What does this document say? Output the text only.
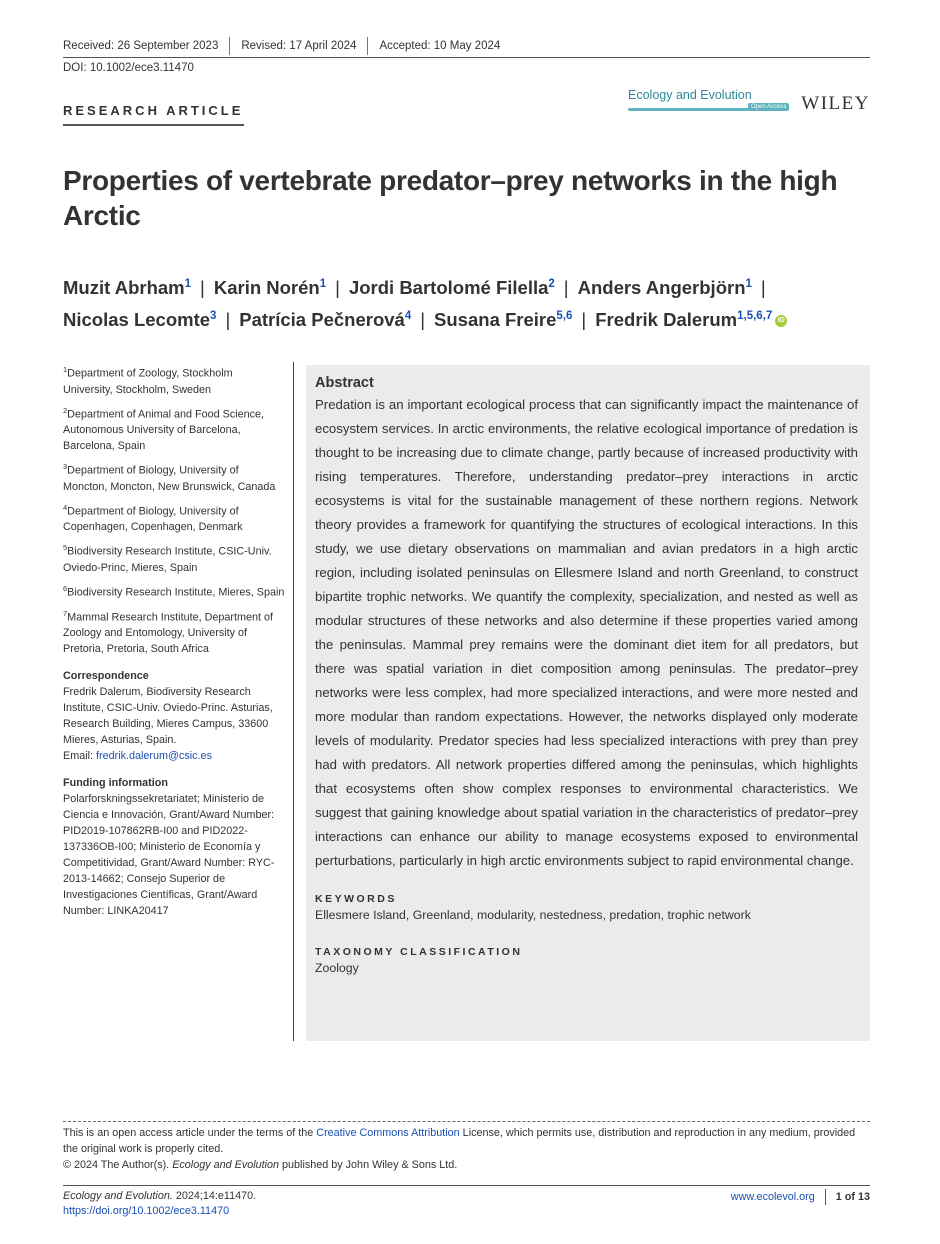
Received: 26 September 2023 Revised: 17 April 2024 Accepted: 10 May 2024
DOI: 10.1002/ece3.11470
RESEARCH ARTICLE
Ecology and Evolution
Open Access WILEY
Properties of vertebrate predator–prey networks in the high Arctic
Muzit Abrham$^1$ | Karin Norén$^1$ | Jordi Bartolomé Filella$^2$ | Anders Angerbjörn$^1$ |
Nicolas Lecomte$^3$ | Patrícia Pečnerová$^4$ | Susana Freire$^{5,6}$ | Fredrik Dalerum$^{1,5,6,7}$ iD
$^1$Department of Zoology, Stockholm University, Stockholm, Sweden
$^2$Department of Animal and Food Science, Autonomous University of Barcelona, Barcelona, Spain
$^3$Department of Biology, University of Moncton, Moncton, New Brunswick, Canada
$^4$Department of Biology, University of Copenhagen, Copenhagen, Denmark
$^5$Biodiversity Research Institute, CSIC-Univ. Oviedo-Princ, Mieres, Spain
$^6$Biodiversity Research Institute, Mieres, Spain
$^7$Mammal Research Institute, Department of Zoology and Entomology, University of Pretoria, Pretoria, South Africa
Correspondence
Fredrik Dalerum, Biodiversity Research Institute, CSIC-Univ. Oviedo-Princ. Asturias, Research Building, Mieres Campus, 33600 Mieres, Asturias, Spain.
Email: fredrik.dalerum@csic.es
Funding information
Polarforskningssekretariatet; Ministerio de Ciencia e Innovación, Grant/Award Number: PID2019-107862RB-I00 and PID2022-137336OB-I00; Ministerio de Economía y Competitividad, Grant/Award Number: RYC-2013-14662; Consejo Superior de Investigaciones Científicas, Grant/Award Number: LINKA20417
Abstract
Predation is an important ecological process that can significantly impact the maintenance of ecosystem services. In arctic environments, the relative ecological importance of predation is thought to be increasing due to climate change, partly because of increased productivity with rising temperatures. Therefore, understanding predator–prey interactions in arctic ecosystems is vital for the sustainable management of these northern regions. Network theory provides a framework for quantifying the structures of ecological interactions. In this study, we use dietary observations on mammalian and avian predators in a high arctic region, including isolated peninsulas on Ellesmere Island and north Greenland, to construct bipartite trophic networks. We quantify the complexity, specialization, and nested as well as modular structures of these networks and also determine if these properties varied among the peninsulas. Mammal prey remains were the dominant diet item for all predators, but there was spatial variation in diet composition among peninsulas. The predator–prey networks were less complex, had more specialized interactions, and were more nested and more modular than random expectations. However, the networks displayed only moderate levels of modularity. Predator species had less specialized interactions with prey than prey had with predators. All network properties differed among the peninsulas, which highlights that ecosystems often show complex responses to environmental characteristics. We suggest that gaining knowledge about spatial variation in the characteristics of predator–prey interactions can enhance our ability to manage ecosystems exposed to environmental perturbations, particularly in high arctic environments subject to rapid environmental change.
KEYWORDS
Ellesmere Island, Greenland, modularity, nestedness, predation, trophic network
TAXONOMY CLASSIFICATION
Zoology
This is an open access article under the terms of the Creative Commons Attribution License, which permits use, distribution and reproduction in any medium, provided the original work is properly cited.
© 2024 The Author(s). Ecology and Evolution published by John Wiley & Sons Ltd.
Ecology and Evolution. 2024;14:e11470.
https://doi.org/10.1002/ece3.11470
www.ecolevol.org 1 of 13
